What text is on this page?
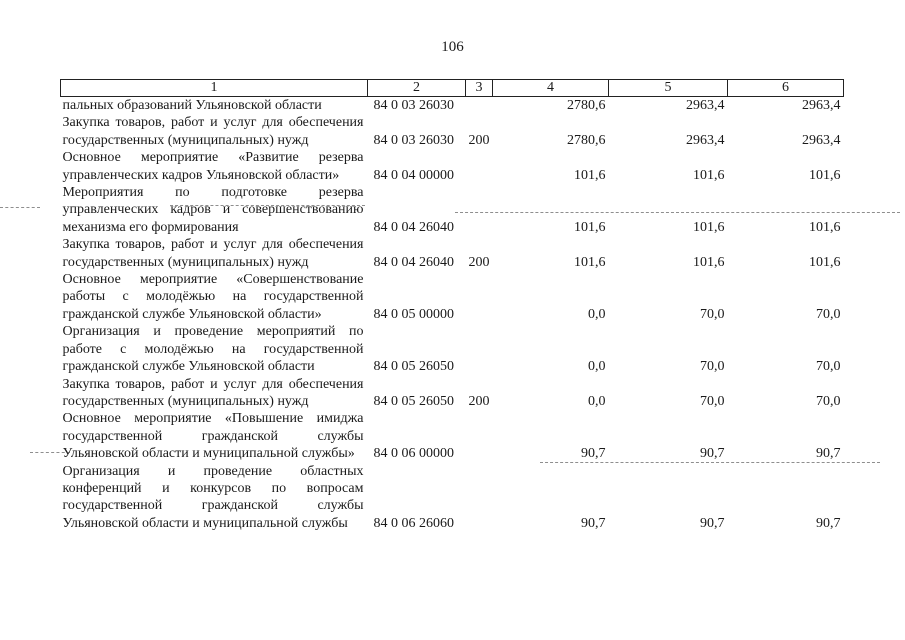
106
1	2	3	4	5	6
пальных образований Ульяновской области	84 0 03 26030		2780,6	2963,4	2963,4
Закупка товаров, работ и услуг для обеспечения государственных (муниципальных) нужд	84 0 03 26030	200	2780,6	2963,4	2963,4
Основное мероприятие «Развитие резерва управленческих кадров Ульяновской области»	84 0 04 00000		101,6	101,6	101,6
Мероприятия по подготовке резерва управленческих кадров и совершенствованию механизма его формирования	84 0 04 26040		101,6	101,6	101,6
Закупка товаров, работ и услуг для обеспечения государственных (муниципальных) нужд	84 0 04 26040	200	101,6	101,6	101,6
Основное мероприятие «Совершенствование работы с молодёжью на государственной гражданской службе Ульяновской области»	84 0 05 00000		0,0	70,0	70,0
Организация и проведение мероприятий по работе с молодёжью на государственной гражданской службе Ульяновской области	84 0 05 26050		0,0	70,0	70,0
Закупка товаров, работ и услуг для обеспечения государственных (муниципальных) нужд	84 0 05 26050	200	0,0	70,0	70,0
Основное мероприятие «Повышение имиджа государственной гражданской службы Ульяновской области и муниципальной службы»	84 0 06 00000		90,7	90,7	90,7
Организация и проведение областных конференций и конкурсов по вопросам государственной гражданской службы Ульяновской области и муниципальной службы	84 0 06 26060		90,7	90,7	90,7
